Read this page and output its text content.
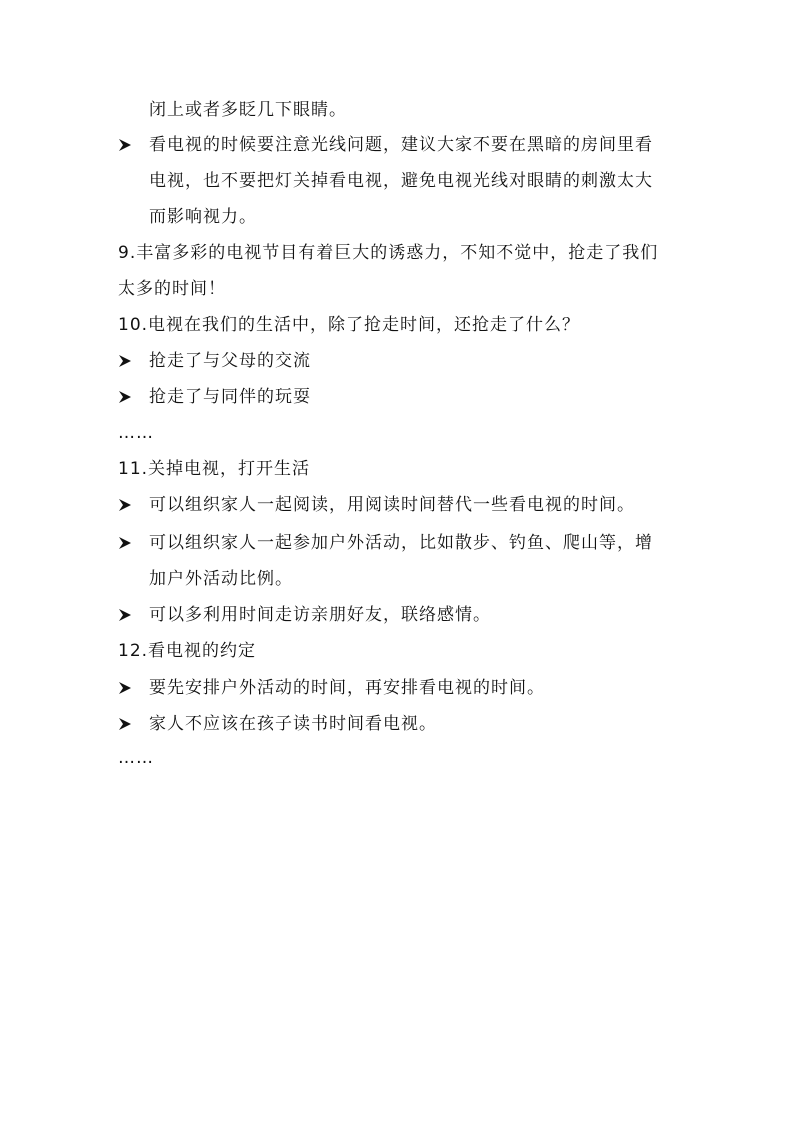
闭上或者多眨几下眼睛。
看电视的时候要注意光线问题，建议大家不要在黑暗的房间里看
电视，也不要把灯关掉看电视，避免电视光线对眼睛的刺激太大
而影响视力。
9.丰富多彩的电视节目有着巨大的诱惑力，不知不觉中，抢走了我们
太多的时间！
10.电视在我们的生活中，除了抢走时间，还抢走了什么？
抢走了与父母的交流
抢走了与同伴的玩耍
……
11.关掉电视，打开生活
可以组织家人一起阅读，用阅读时间替代一些看电视的时间。
可以组织家人一起参加户外活动，比如散步、钓鱼、爬山等，增
加户外活动比例。
可以多利用时间走访亲朋好友，联络感情。
12.看电视的约定
要先安排户外活动的时间，再安排看电视的时间。
家人不应该在孩子读书时间看电视。
……
